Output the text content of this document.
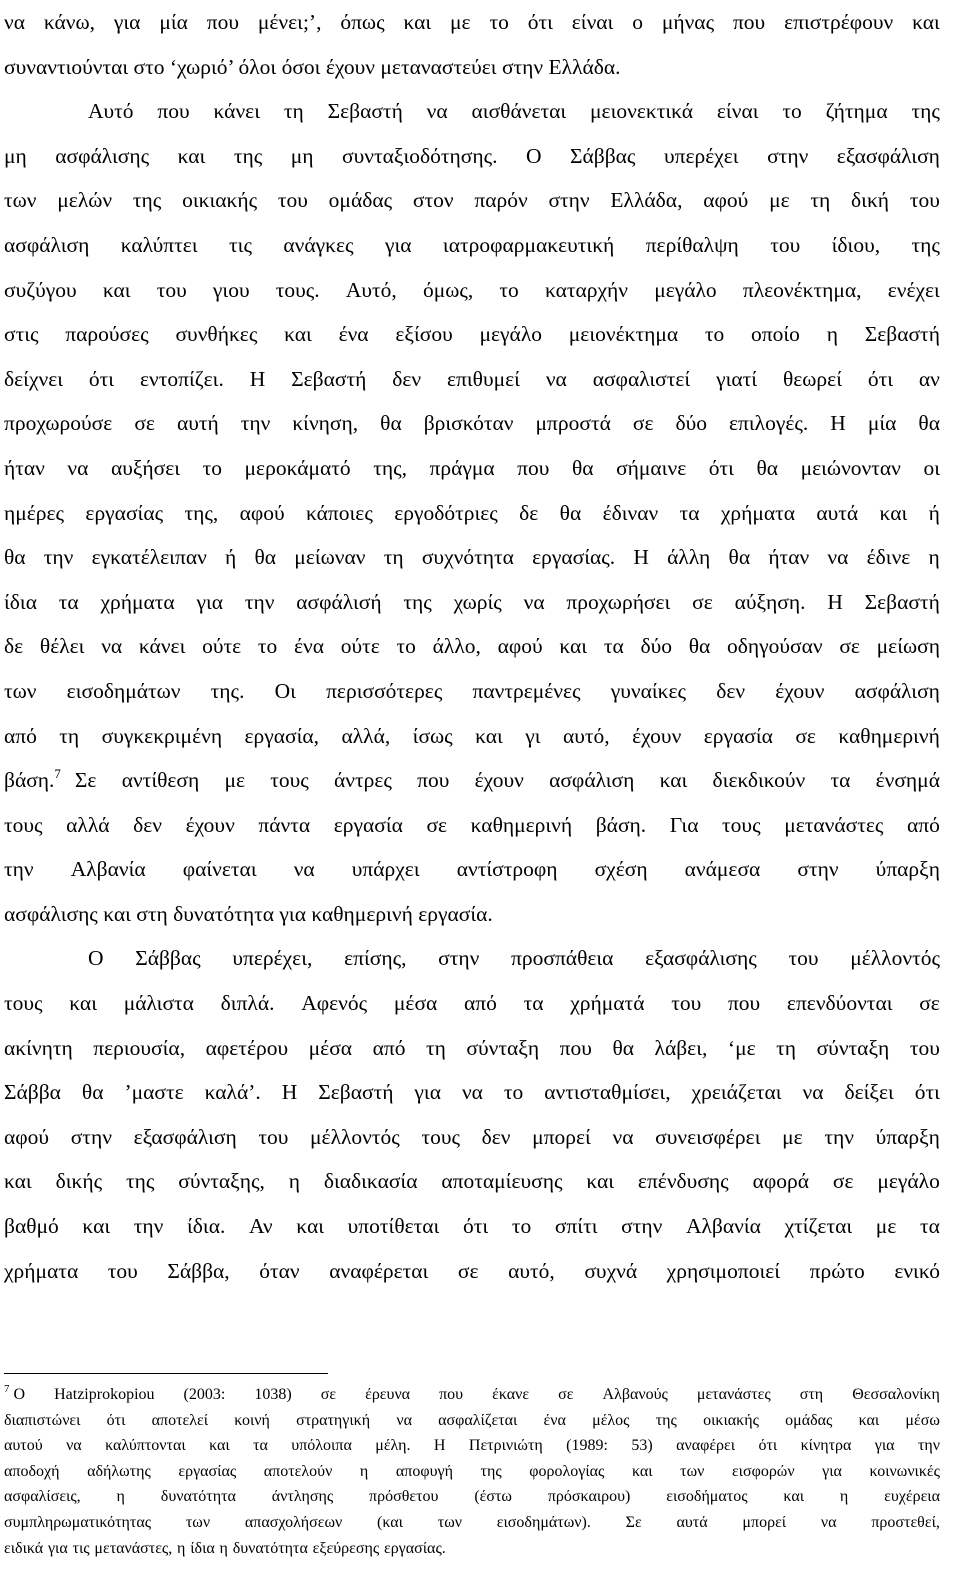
να κάνω, για μία που μένει;’, όπως και με το ότι είναι ο μήνας που επιστρέφουν και
συναντιούνται στο ‘χωριό’ όλοι όσοι έχουν μεταναστεύει στην Ελλάδα.
Αυτό που κάνει τη Σεβαστή να αισθάνεται μειονεκτικά είναι το ζήτημα της
μη ασφάλισης και της μη συνταξιοδότησης. Ο Σάββας υπερέχει στην εξασφάλιση
των μελών της οικιακής του ομάδας στον παρόν στην Ελλάδα, αφού με τη δική του
ασφάλιση καλύπτει τις ανάγκες για ιατροφαρμακευτική περίθαλψη του ίδιου, της
συζύγου και του γιου τους. Αυτό, όμως, το καταρχήν μεγάλο πλεονέκτημα, ενέχει
στις παρούσες συνθήκες και ένα εξίσου μεγάλο μειονέκτημα το οποίο η Σεβαστή
δείχνει ότι εντοπίζει. Η Σεβαστή δεν επιθυμεί να ασφαλιστεί γιατί θεωρεί ότι αν
προχωρούσε σε αυτή την κίνηση, θα βρισκόταν μπροστά σε δύο επιλογές. Η μία θα
ήταν να αυξήσει το μεροκάματό της, πράγμα που θα σήμαινε ότι θα μειώνονταν οι
ημέρες εργασίας της, αφού κάποιες εργοδότριες δε θα έδιναν τα χρήματα αυτά και ή
θα την εγκατέλειπαν ή θα μείωναν τη συχνότητα εργασίας. Η άλλη θα ήταν να έδινε η
ίδια τα χρήματα για την ασφάλισή της χωρίς να προχωρήσει σε αύξηση. Η Σεβαστή
δε θέλει να κάνει ούτε το ένα ούτε το άλλο, αφού και τα δύο θα οδηγούσαν σε μείωση
των εισοδημάτων της. Οι περισσότερες παντρεμένες γυναίκες δεν έχουν ασφάλιση
από τη συγκεκριμένη εργασία, αλλά, ίσως και γι αυτό, έχουν εργασία σε καθημερινή
βάση.$^7$ Σε αντίθεση με τους άντρες που έχουν ασφάλιση και διεκδικούν τα ένσημά
τους αλλά δεν έχουν πάντα εργασία σε καθημερινή βάση. Για τους μετανάστες από
την Αλβανία φαίνεται να υπάρχει αντίστροφη σχέση ανάμεσα στην ύπαρξη
ασφάλισης και στη δυνατότητα για καθημερινή εργασία.
Ο Σάββας υπερέχει, επίσης, στην προσπάθεια εξασφάλισης του μέλλοντός
τους και μάλιστα διπλά. Αφενός μέσα από τα χρήματά του που επενδύονται σε
ακίνητη περιουσία, αφετέρου μέσα από τη σύνταξη που θα λάβει, ‘με τη σύνταξη του
Σάββα θα ’μαστε καλά’. Η Σεβαστή για να το αντισταθμίσει, χρειάζεται να δείξει ότι
αφού στην εξασφάλιση του μέλλοντός τους δεν μπορεί να συνεισφέρει με την ύπαρξη
και δικής της σύνταξης, η διαδικασία αποταμίευσης και επένδυσης αφορά σε μεγάλο
βαθμό και την ίδια. Αν και υποτίθεται ότι το σπίτι στην Αλβανία χτίζεται με τα
χρήματα του Σάββα, όταν αναφέρεται σε αυτό, συχνά χρησιμοποιεί πρώτο ενικό
$^7$ O Hatziprokopiou (2003: 1038) σε έρευνα που έκανε σε Αλβανούς μετανάστες στη Θεσσαλονίκη
διαπιστώνει ότι αποτελεί κοινή στρατηγική να ασφαλίζεται ένα μέλος της οικιακής ομάδας και μέσω
αυτού να καλύπτονται και τα υπόλοιπα μέλη. Η Πετρινιώτη (1989: 53) αναφέρει ότι κίνητρα για την
αποδοχή αδήλωτης εργασίας αποτελούν η αποφυγή της φορολογίας και των εισφορών για κοινωνικές
ασφαλίσεις, η δυνατότητα άντλησης πρόσθετου (έστω πρόσκαιρου) εισοδήματος και η ευχέρεια
συμπληρωματικότητας των απασχολήσεων (και των εισοδημάτων). Σε αυτά μπορεί να προστεθεί,
ειδικά για τις μετανάστες, η ίδια η δυνατότητα εξεύρεσης εργασίας.
